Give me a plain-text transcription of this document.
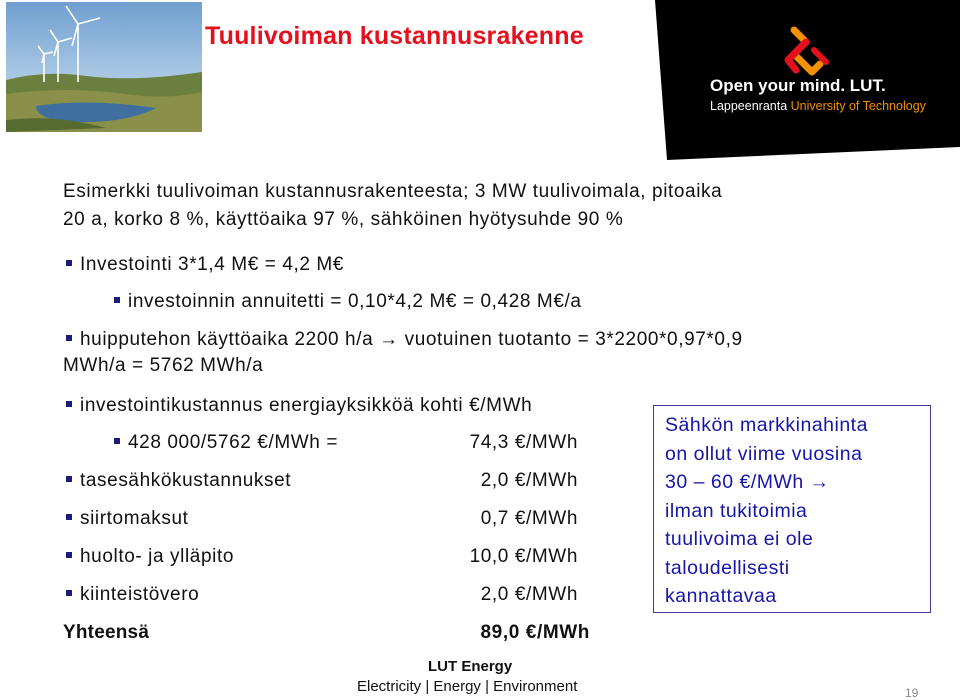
Tuulivoiman kustannusrakenne
Open your mind. LUT.
Lappeenranta University of Technology
Esimerkki tuulivoiman kustannusrakenteesta; 3 MW tuulivoimala, pitoaika
20 a, korko 8 %, käyttöaika 97 %, sähköinen hyötysuhde 90 %
Investointi 3*1,4 M€ = 4,2 M€
investoinnin annuitetti = 0,10*4,2 M€ = 0,428 M€/a
huipputehon käyttöaika 2200 h/a → vuotuinen tuotanto = 3*2200*0,97*0,9
MWh/a = 5762 MWh/a
investointikustannus energiayksikköä kohti €/MWh
428 000/5762 €/MWh =	74,3 €/MWh
tasesähkökustannukset	2,0 €/MWh
siirtomaksut	0,7 €/MWh
huolto- ja ylläpito	10,0 €/MWh
kiinteistövero	2,0 €/MWh
Yhteensä	89,0 €/MWh
Sähkön markkinahinta
on ollut viime vuosina
30 – 60 €/MWh →
ilman tukitoimia
tuulivoima ei ole
taloudellisesti
kannattavaa
LUT Energy
Electricity | Energy | Environment	19
